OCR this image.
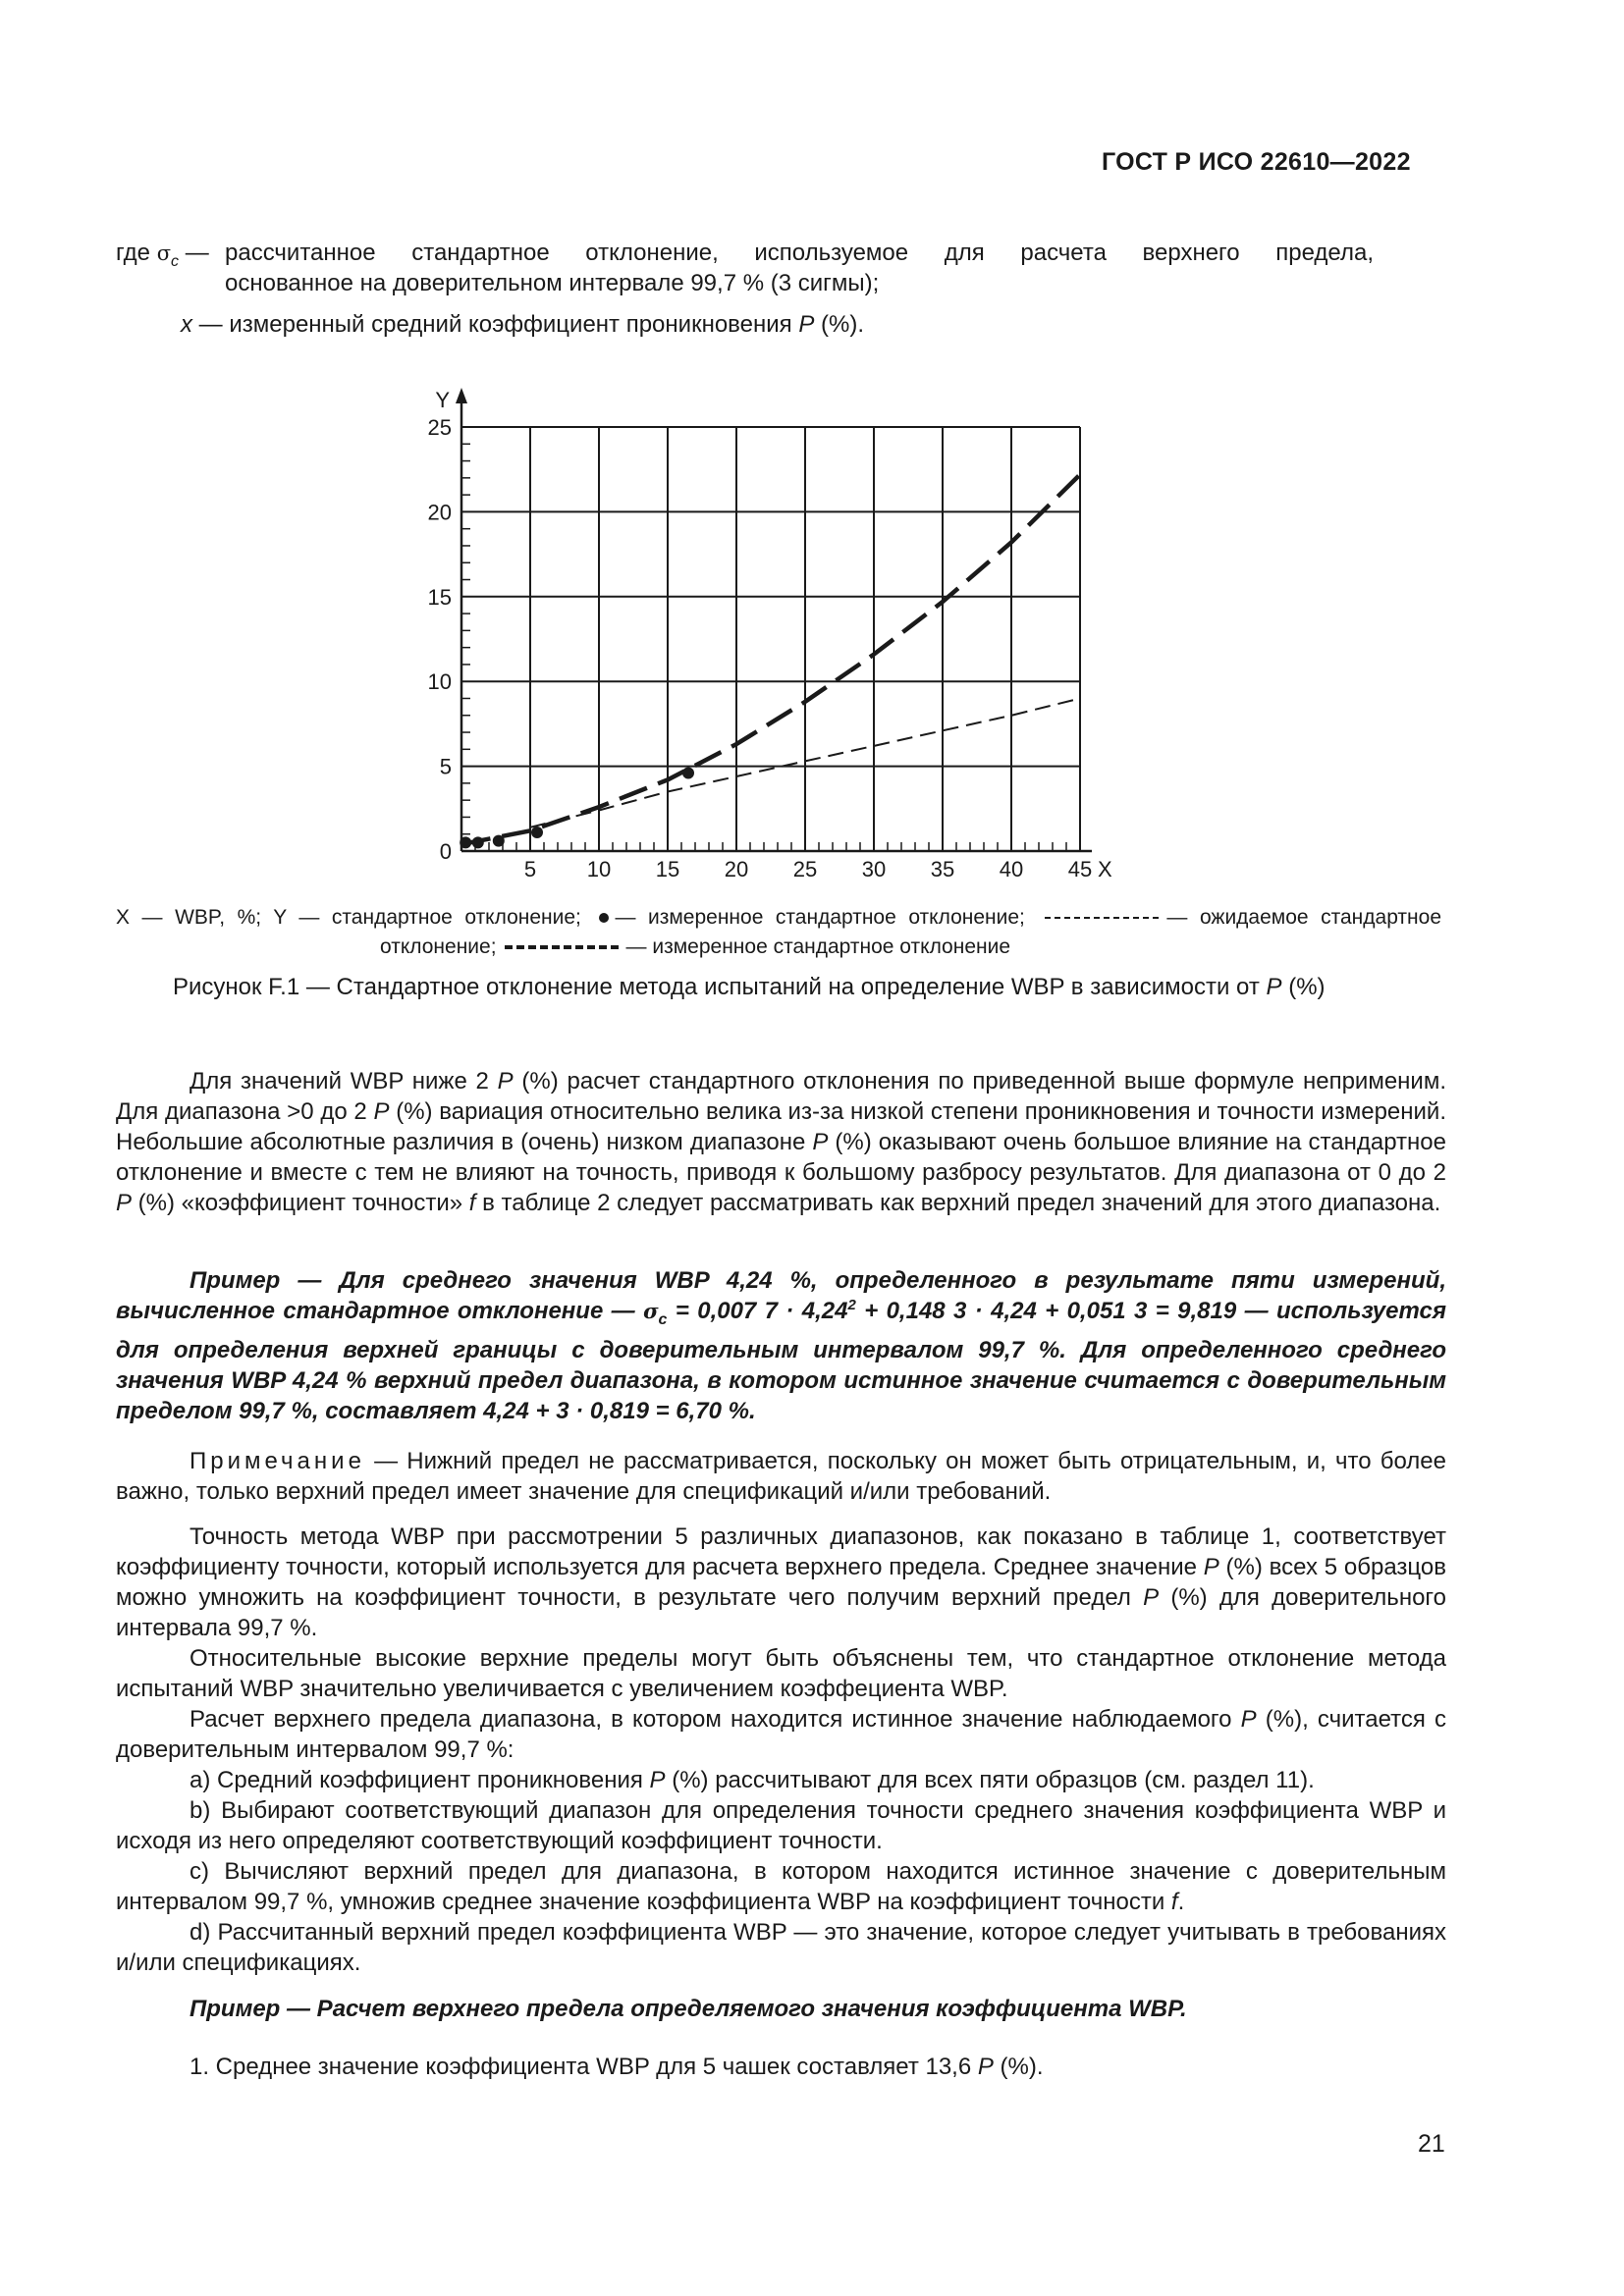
ГОСТ Р ИСО 22610—2022
где $\sigma_c$ — рассчитанное стандартное отклонение, используемое для расчета верхнего предела,
основанное на доверительном интервале 99,7 % (3 сигмы);
x — измеренный средний коэффициент проникновения P (%).
5 10 15 20 25 30 35 40 45
5
10
15
20
25
0
X
Y
X — WBP, %; Y — стандартное отклонение; — измеренное стандартное отклонение;	— ожидаемое стандартное
отклонение;	— измеренное стандартное отклонение
Рисунок F.1 — Стандартное отклонение метода испытаний на определение WBP в зависимости от P (%)
Для значений WBP ниже 2 P (%) расчет стандартного отклонения по приведенной выше формуле неприменим. Для диапазона >0 до 2 P (%) вариация относительно велика из-за низкой степени проникновения и точности измерений. Небольшие абсолютные различия в (очень) низком диапазоне P (%) оказывают очень большое влияние на стандартное отклонение и вместе с тем не влияют на точность, приводя к большому разбросу результатов. Для диапазона от 0 до 2 P (%) «коэффициент точности» f в таблице 2 следует рассматривать как верхний предел значений для этого диапазона.
Пример — Для среднего значения WBP 4,24 %, определенного в результате пяти измерений, вычисленное стандартное отклонение — $\sigma_c = 0,007$ $7 \cdot 4,24^2 + 0,148$ 3 · 4,24 + 0,051 3 = 9,819 — используется для определения верхней границы с доверительным интервалом 99,7 %. Для определенного среднего значения WBP 4,24 % верхний предел диапазона, в котором истинное значение считается с доверительным пределом 99,7 %, составляет 4,24 + 3 · 0,819 = 6,70 %.
Примечание — Нижний предел не рассматривается, поскольку он может быть отрицательным, и, что более важно, только верхний предел имеет значение для спецификаций и/или требований.
Точность метода WBP при рассмотрении 5 различных диапазонов, как показано в таблице 1, соответствует коэффициенту точности, который используется для расчета верхнего предела. Среднее значение P (%) всех 5 образцов можно умножить на коэффициент точности, в результате чего получим верхний предел P (%) для доверительного интервала 99,7 %.
Относительные высокие верхние пределы могут быть объяснены тем, что стандартное отклонение метода испытаний WBP значительно увеличивается с увеличением коэффециента WBP.
Расчет верхнего предела диапазона, в котором находится истинное значение наблюдаемого P (%), считается с доверительным интервалом 99,7 %:
a) Средний коэффициент проникновения P (%) рассчитывают для всех пяти образцов (см. раздел 11).
b) Выбирают соответствующий диапазон для определения точности среднего значения коэффициента WBP и исходя из него определяют соответствующий коэффициент точности.
c) Вычисляют верхний предел для диапазона, в котором находится истинное значение с доверительным интервалом 99,7 %, умножив среднее значение коэффициента WBP на коэффициент точности f.
d) Рассчитанный верхний предел коэффициента WBP — это значение, которое следует учитывать в требованиях и/или спецификациях.
Пример — Расчет верхнего предела определяемого значения коэффициента WBP.
1. Среднее значение коэффициента WBP для 5 чашек составляет 13,6 P (%).
21
